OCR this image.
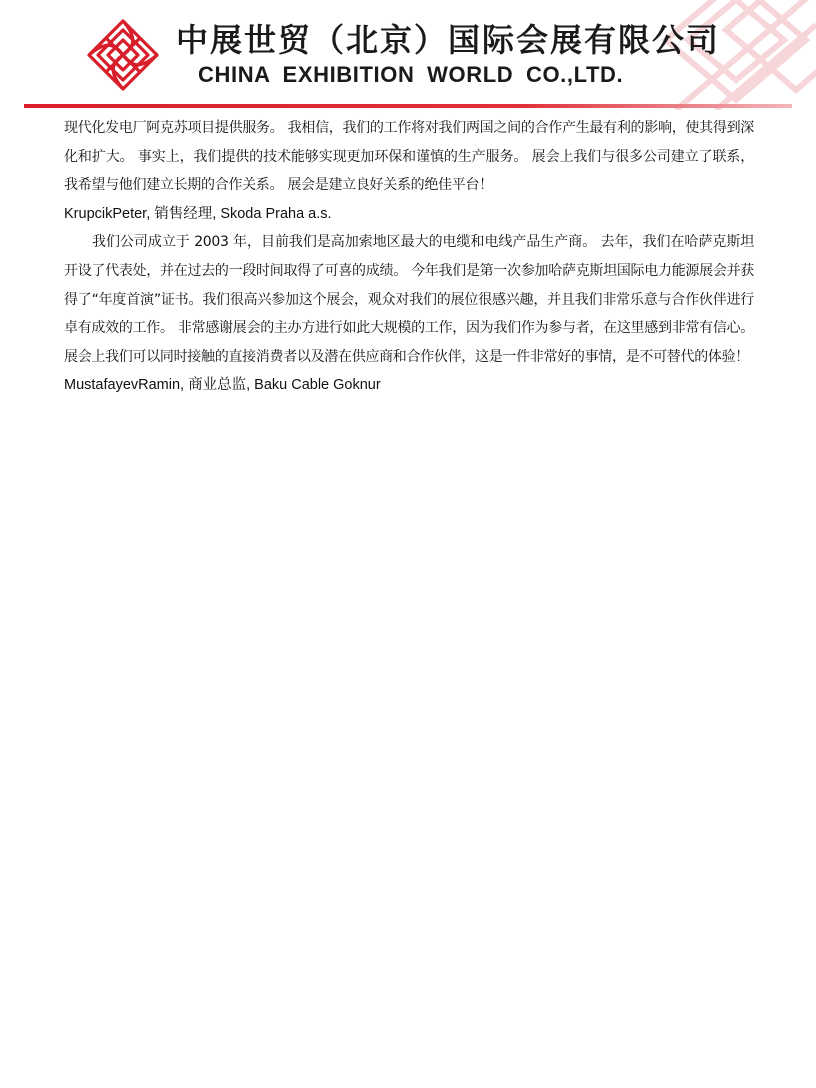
中展世贸（北京）国际会展有限公司
CHINA EXHIBITION WORLD CO.,LTD.

现代化发电厂阿克苏项目提供服务。 我相信，我们的工作将对我们两国之间的合作产生最有利的影响，使其得到深化和扩大。 事实上，我们提供的技术能够实现更加环保和谨慎的生产服务。 展会上我们与很多公司建立了联系，我希望与他们建立长期的合作关系。 展会是建立良好关系的绝佳平台！

KrupcikPeter, 销售经理, Skoda Praha a.s.

我们公司成立于 2003 年，目前我们是高加索地区最大的电缆和电线产品生产商。 去年，我们在哈萨克斯坦开设了代表处，并在过去的一段时间取得了可喜的成绩。 今年我们是第一次参加哈萨克斯坦国际电力能源展会并获得了“年度首演”证书。我们很高兴参加这个展会，观众对我们的展位很感兴趣，并且我们非常乐意与合作伙伴进行卓有成效的工作。 非常感谢展会的主办方进行如此大规模的工作，因为我们作为参与者，在这里感到非常有信心。 展会上我们可以同时接触的直接消费者以及潜在供应商和合作伙伴，这是一件非常好的事情，是不可替代的体验！

MustafayevRamin, 商业总监, Baku Cable Goknur
